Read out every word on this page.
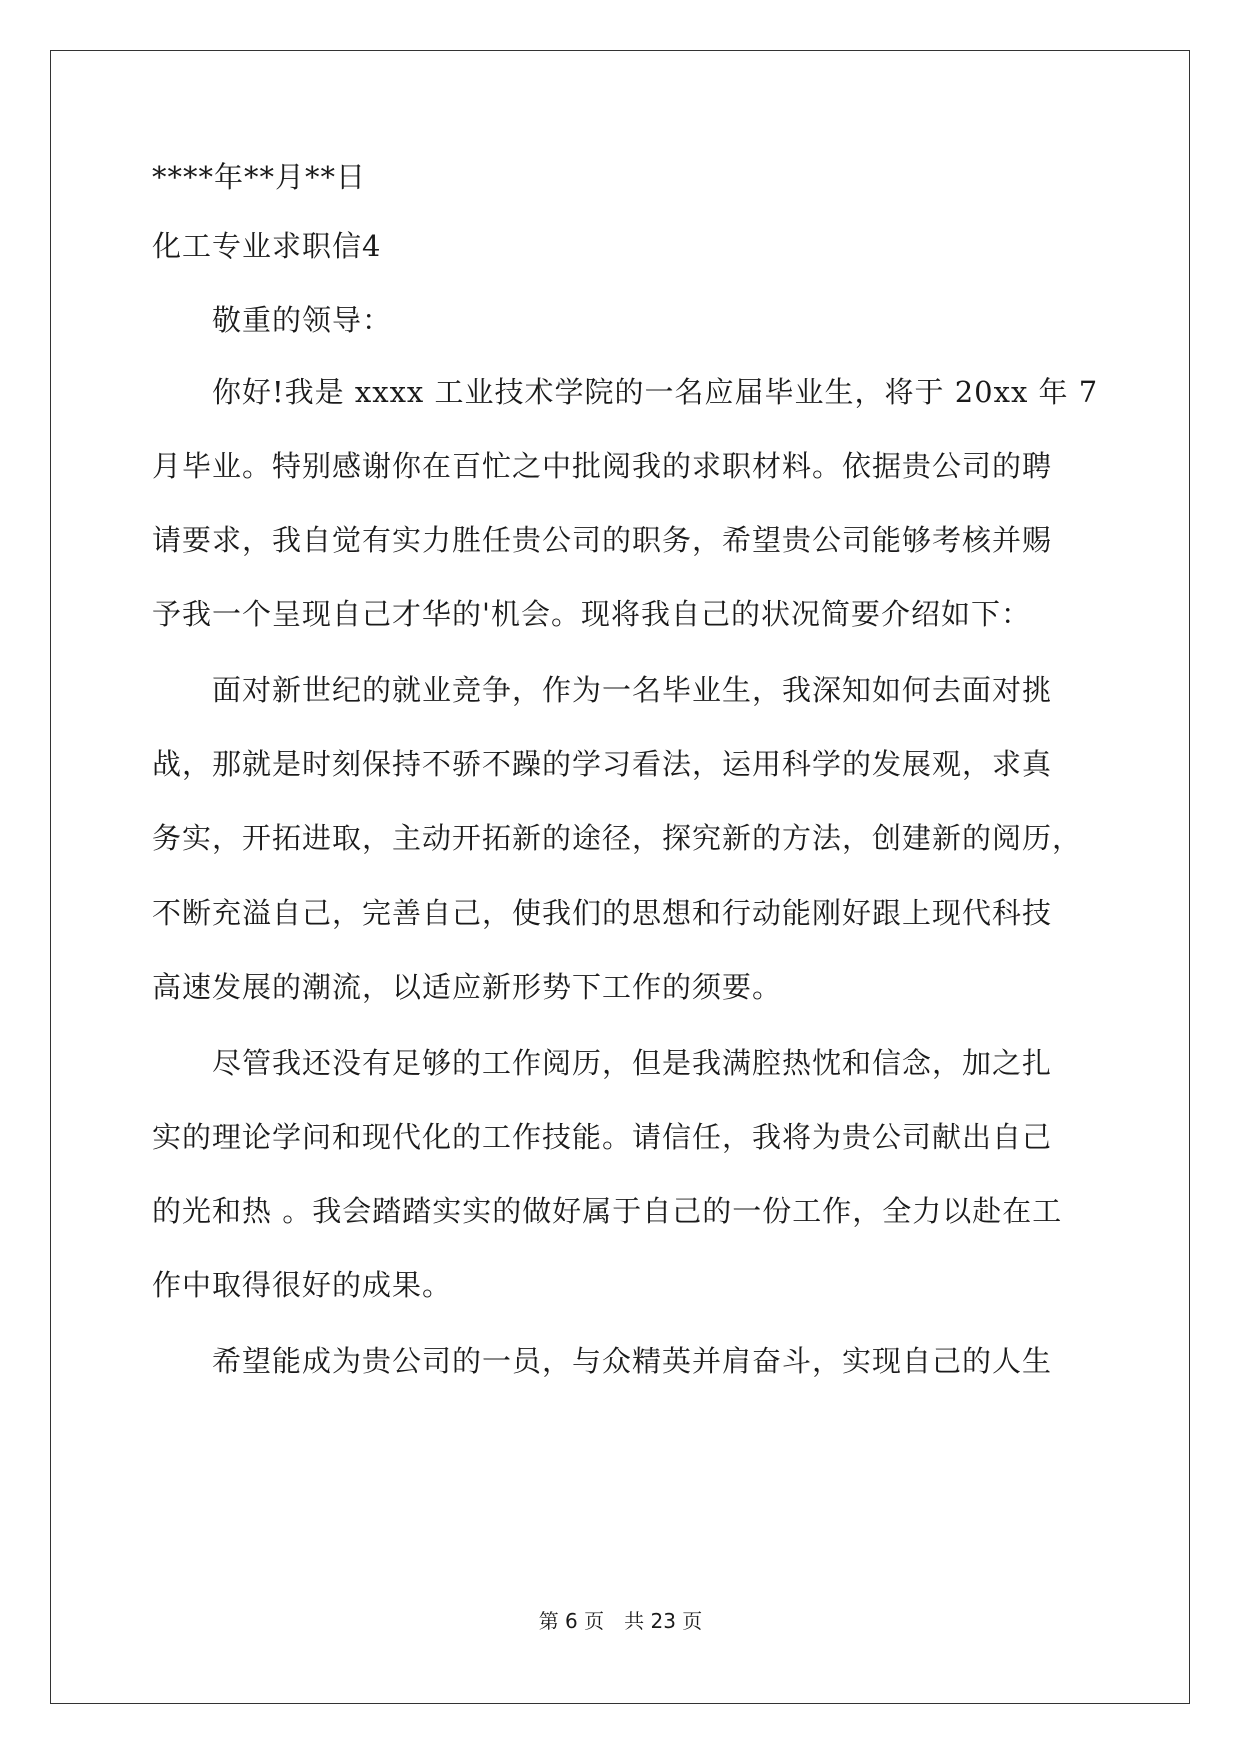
****年**月**日
化工专业求职信4
敬重的领导：
你好!我是 xxxx 工业技术学院的一名应届毕业生，将于 20xx 年 7
月毕业。特别感谢你在百忙之中批阅我的求职材料。依据贵公司的聘
请要求，我自觉有实力胜任贵公司的职务，希望贵公司能够考核并赐
予我一个呈现自己才华的'机会。现将我自己的状况简要介绍如下：
面对新世纪的就业竞争，作为一名毕业生，我深知如何去面对挑
战，那就是时刻保持不骄不躁的学习看法，运用科学的发展观，求真
务实，开拓进取，主动开拓新的途径，探究新的方法，创建新的阅历，
不断充溢自己，完善自己，使我们的思想和行动能刚好跟上现代科技
高速发展的潮流，以适应新形势下工作的须要。
尽管我还没有足够的工作阅历，但是我满腔热忱和信念，加之扎
实的理论学问和现代化的工作技能。请信任，我将为贵公司献出自己
的光和热 。我会踏踏实实的做好属于自己的一份工作，全力以赴在工
作中取得很好的成果。
希望能成为贵公司的一员，与众精英并肩奋斗，实现自己的人生
第 6 页　共 23 页
